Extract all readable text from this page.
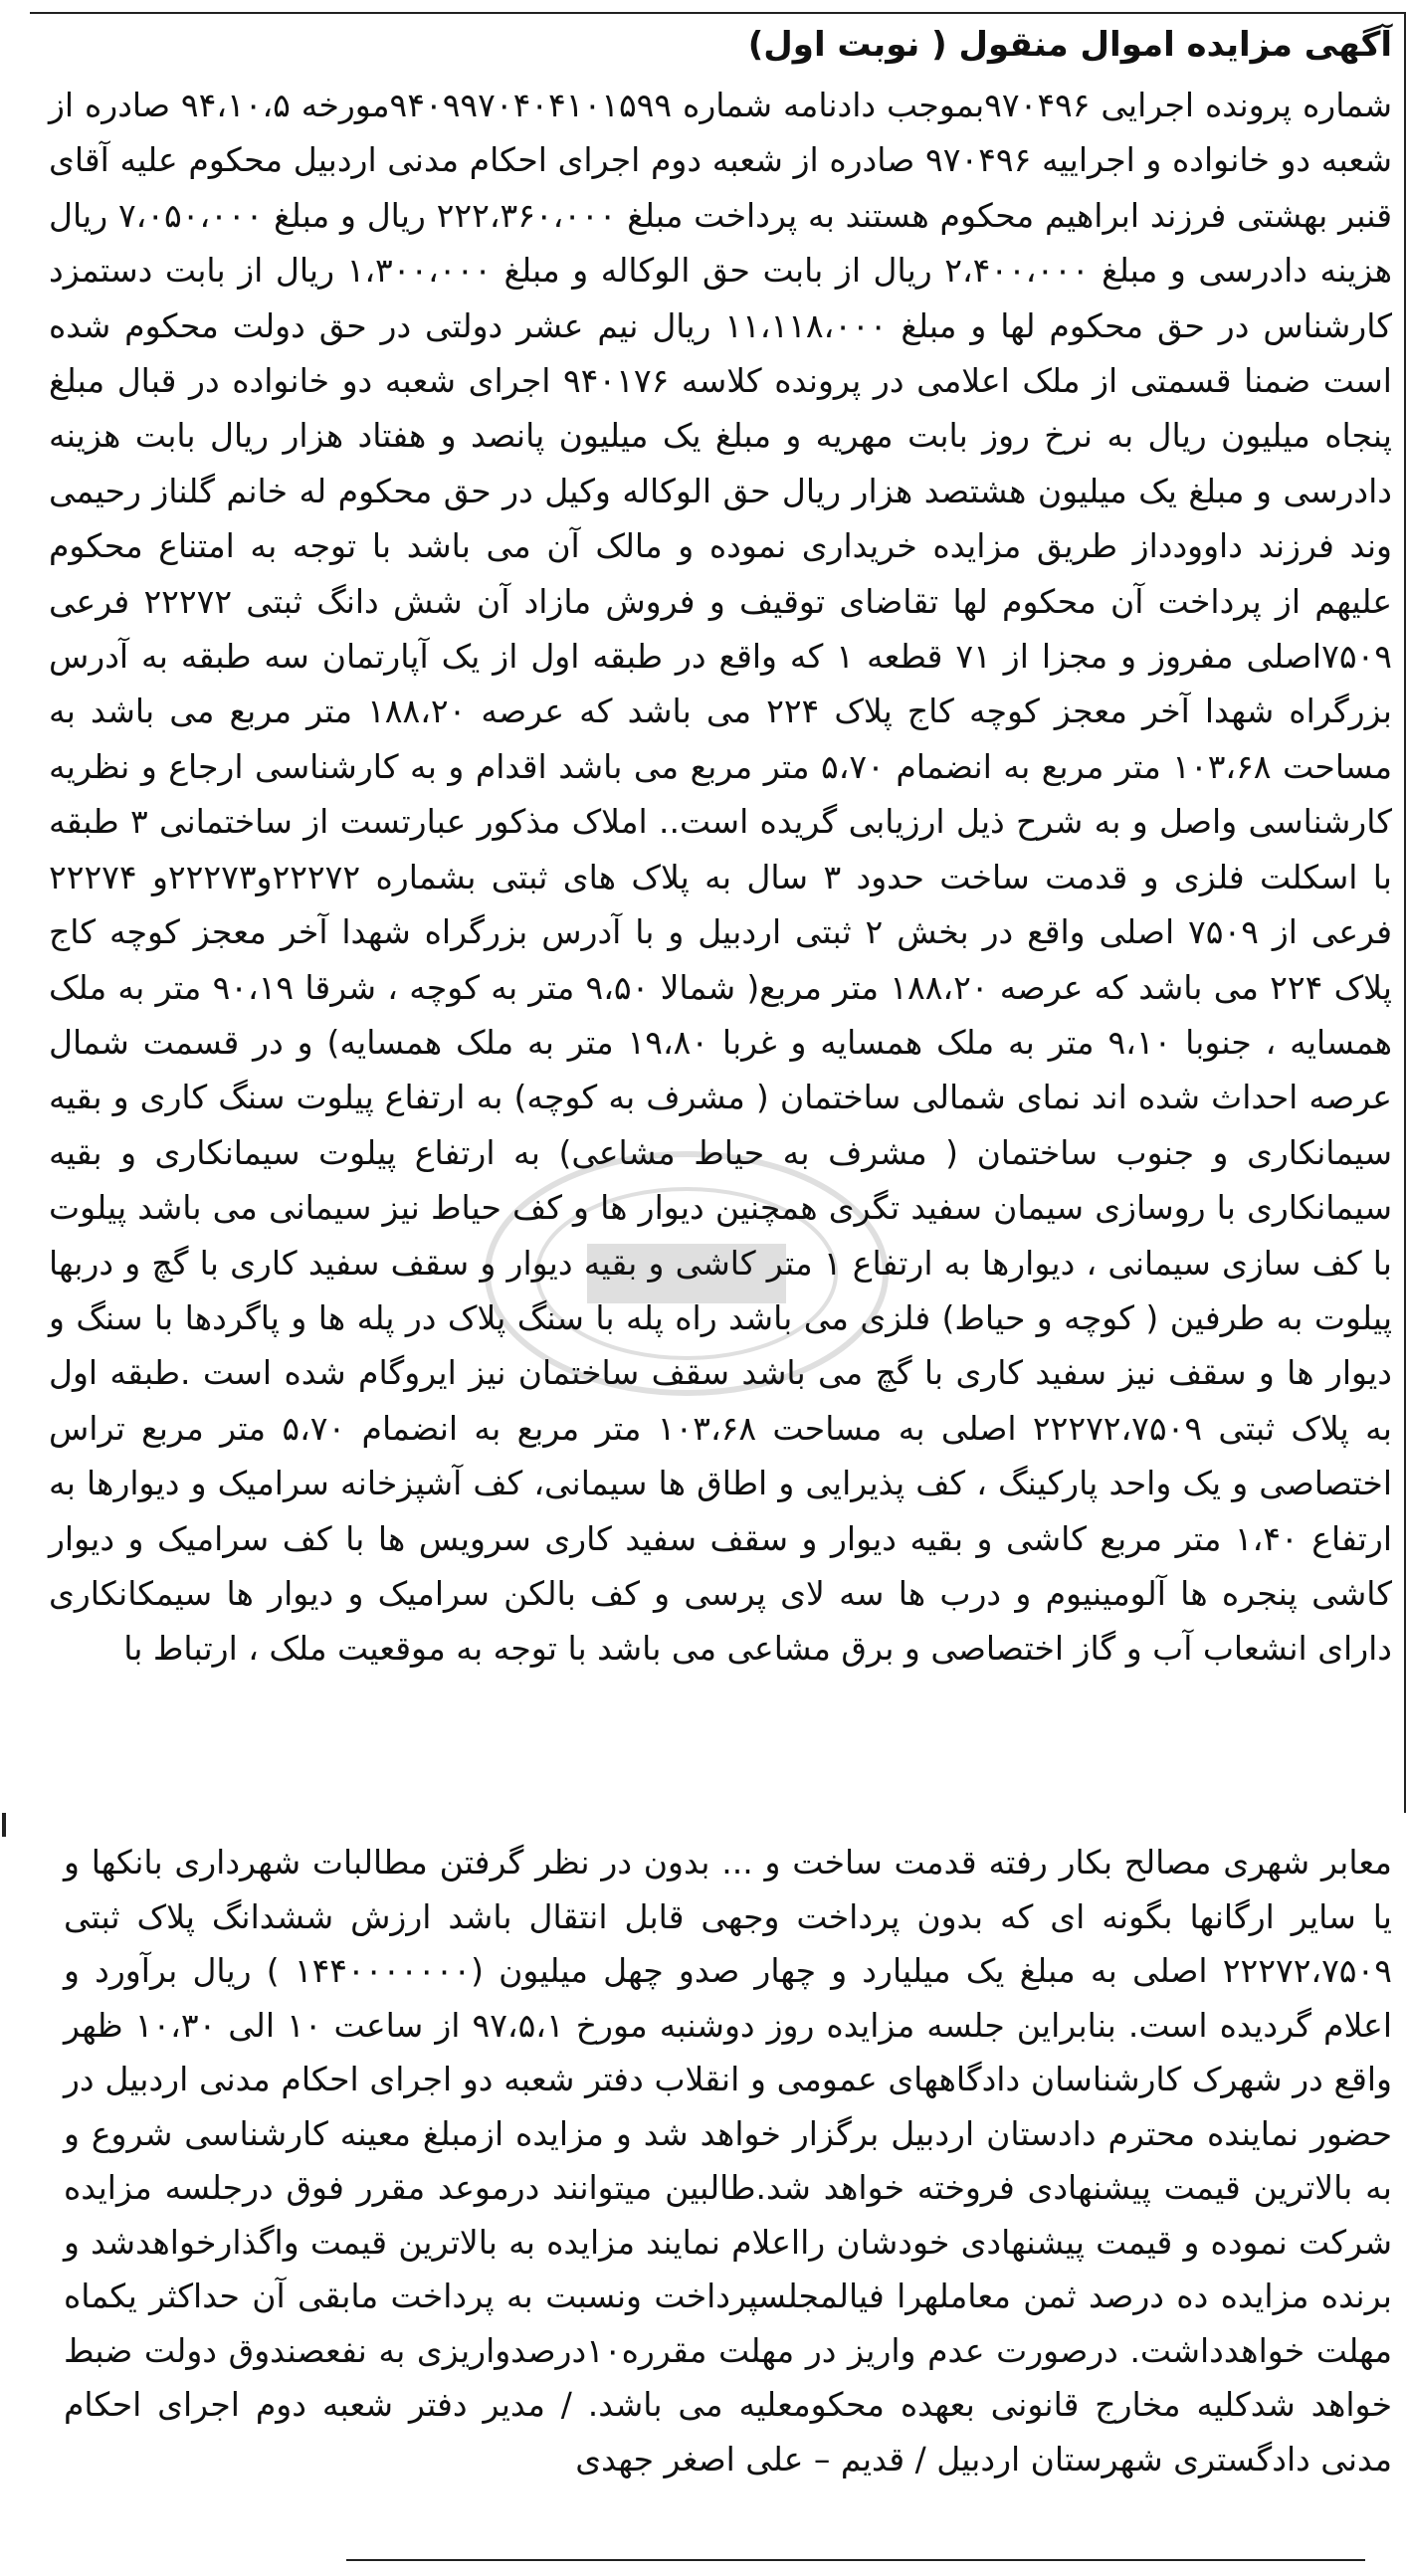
آگهی مزایده اموال منقول ( نوبت اول)

شماره پرونده اجرایی ۹۷۰۴۹۶بموجب دادنامه شماره ۹۴۰۹۹۷۰۴۰۴۱۰۱۵۹۹مورخه ۹۴،۱۰،۵ صادره از شعبه دو خانواده و اجراییه ۹۷۰۴۹۶ صادره از شعبه دوم اجرای احکام مدنی اردبیل محکوم علیه آقای قنبر بهشتی فرزند ابراهیم محکوم هستند به پرداخت مبلغ ۲۲۲،۳۶۰،۰۰۰ ریال و مبلغ ۷،۰۵۰،۰۰۰ ریال هزینه دادرسی و مبلغ ۲،۴۰۰،۰۰۰ ریال از بابت حق الوکاله و مبلغ ۱،۳۰۰،۰۰۰ ریال از بابت دستمزد کارشناس در حق محکوم لها و مبلغ ۱۱،۱۱۸،۰۰۰ ریال نیم عشر دولتی در حق دولت محکوم شده است ضمنا قسمتی از ملک اعلامی در پرونده کلاسه ۹۴۰۱۷۶ اجرای شعبه دو خانواده در قبال مبلغ پنجاه میلیون ریال به نرخ روز بابت مهریه و مبلغ یک میلیون پانصد و هفتاد هزار ریال بابت هزینه دادرسی و مبلغ یک میلیون هشتصد هزار ریال حق الوکاله وکیل در حق محکوم له خانم گلناز رحیمی وند فرزند داوودداز طریق مزایده خریداری نموده و مالک آن می باشد با توجه به امتناع محکوم علیهم از پرداخت آن محکوم لها تقاضای توقیف و فروش مازاد آن شش دانگ ثبتی ۲۲۲۷۲ فرعی ۷۵۰۹اصلی مفروز و مجزا از ۷۱ قطعه ۱ که واقع در طبقه اول از یک آپارتمان سه طبقه به آدرس بزرگراه شهدا آخر معجز کوچه کاج پلاک ۲۲۴ می باشد که عرصه ۱۸۸،۲۰ متر مربع می باشد به مساحت ۱۰۳،۶۸ متر مربع به انضمام ۵،۷۰ متر مربع می باشد اقدام و به کارشناسی ارجاع و نظریه کارشناسی واصل و به شرح ذیل ارزیابی گریده است.. املاک مذکور عبارتست از ساختمانی ۳ طبقه با اسکلت فلزی و قدمت ساخت حدود ۳ سال به پلاک های ثبتی بشماره ۲۲۲۷۲و۲۲۲۷۳و ۲۲۲۷۴ فرعی از ۷۵۰۹ اصلی واقع در بخش ۲ ثبتی اردبیل و با آدرس بزرگراه شهدا آخر معجز کوچه کاج پلاک ۲۲۴ می باشد که عرصه ۱۸۸،۲۰ متر مربع( شمالا ۹،۵۰ متر به کوچه ، شرقا ۹۰،۱۹ متر به ملک همسایه ، جنوبا ۹،۱۰ متر به ملک همسایه و غربا ۱۹،۸۰ متر به ملک همسایه) و در قسمت شمال عرصه احداث شده اند نمای شمالی ساختمان ( مشرف به کوچه) به ارتفاع پیلوت سنگ کاری و بقیه سیمانکاری و جنوب ساختمان ( مشرف به حیاط مشاعی) به ارتفاع پیلوت سیمانکاری و بقیه سیمانکاری با روسازی سیمان سفید تگری همچنین دیوار ها و کف حیاط نیز سیمانی می باشد پیلوت با کف سازی سیمانی ، دیوارها به ارتفاع ۱ متر کاشی و بقیه دیوار و سقف سفید کاری با گچ و دربها پیلوت به طرفین ( کوچه و حیاط) فلزی می باشد راه پله با سنگ پلاک در پله ها و پاگردها با سنگ و دیوار ها و سقف نیز سفید کاری با گچ می باشد سقف ساختمان نیز ایروگام شده است .طبقه اول به پلاک ثبتی ۲۲۲۷۲،۷۵۰۹ اصلی به مساحت ۱۰۳،۶۸ متر مربع به انضمام ۵،۷۰ متر مربع تراس اختصاصی و یک واحد پارکینگ ، کف پذیرایی و اطاق ها سیمانی، کف آشپزخانه سرامیک و دیوارها به ارتفاع ۱،۴۰ متر مربع کاشی و بقیه دیوار و سقف سفید کاری سرویس ها با کف سرامیک و دیوار کاشی پنجره ها آلومینیوم و درب ها سه لای پرسی و کف بالکن سرامیک و دیوار ها سیمکانکاری دارای انشعاب آب و گاز اختصاصی و برق مشاعی می باشد با توجه به موقعیت ملک ، ارتباط با

معابر شهری مصالح بکار رفته قدمت ساخت و ... بدون در نظر گرفتن مطالبات شهرداری بانکها و یا سایر ارگانها بگونه ای که بدون پرداخت وجهی قابل انتقال باشد ارزش ششدانگ پلاک ثبتی ۲۲۲۷۲،۷۵۰۹ اصلی به مبلغ یک میلیارد و چهار صدو چهل میلیون (۱۴۴۰۰۰۰۰۰۰ ) ریال برآورد و اعلام گردیده است. بنابراین جلسه مزایده روز دوشنبه مورخ ۹۷،۵،۱ از ساعت ۱۰ الی ۱۰،۳۰ ظهر واقع در شهرک کارشناسان دادگاههای عمومی و انقلاب دفتر شعبه دو اجرای احکام مدنی اردبیل در حضور نماینده محترم دادستان اردبیل برگزار خواهد شد و مزایده ازمبلغ معینه کارشناسی شروع و به بالاترین قیمت پیشنهادی فروخته خواهد شد.طالبین میتوانند درموعد مقرر فوق درجلسه مزایده شرکت نموده و قیمت پیشنهادی خودشان رااعلام نمایند مزایده به بالاترین قیمت واگذارخواهدشد و برنده مزایده ده درصد ثمن معاملهرا فیالمجلسپرداخت ونسبت به پرداخت مابقی آن حداکثر یکماه مهلت خواهدداشت. درصورت عدم واریز در مهلت مقرره۱۰درصدواریزی به نفعصندوق دولت ضبط خواهد شدکلیه مخارج قانونی بعهده محکومعلیه می باشد. / مدیر دفتر شعبه دوم اجرای احکام مدنی دادگستری شهرستان اردبیل / قدیم – علی اصغر جهدی
